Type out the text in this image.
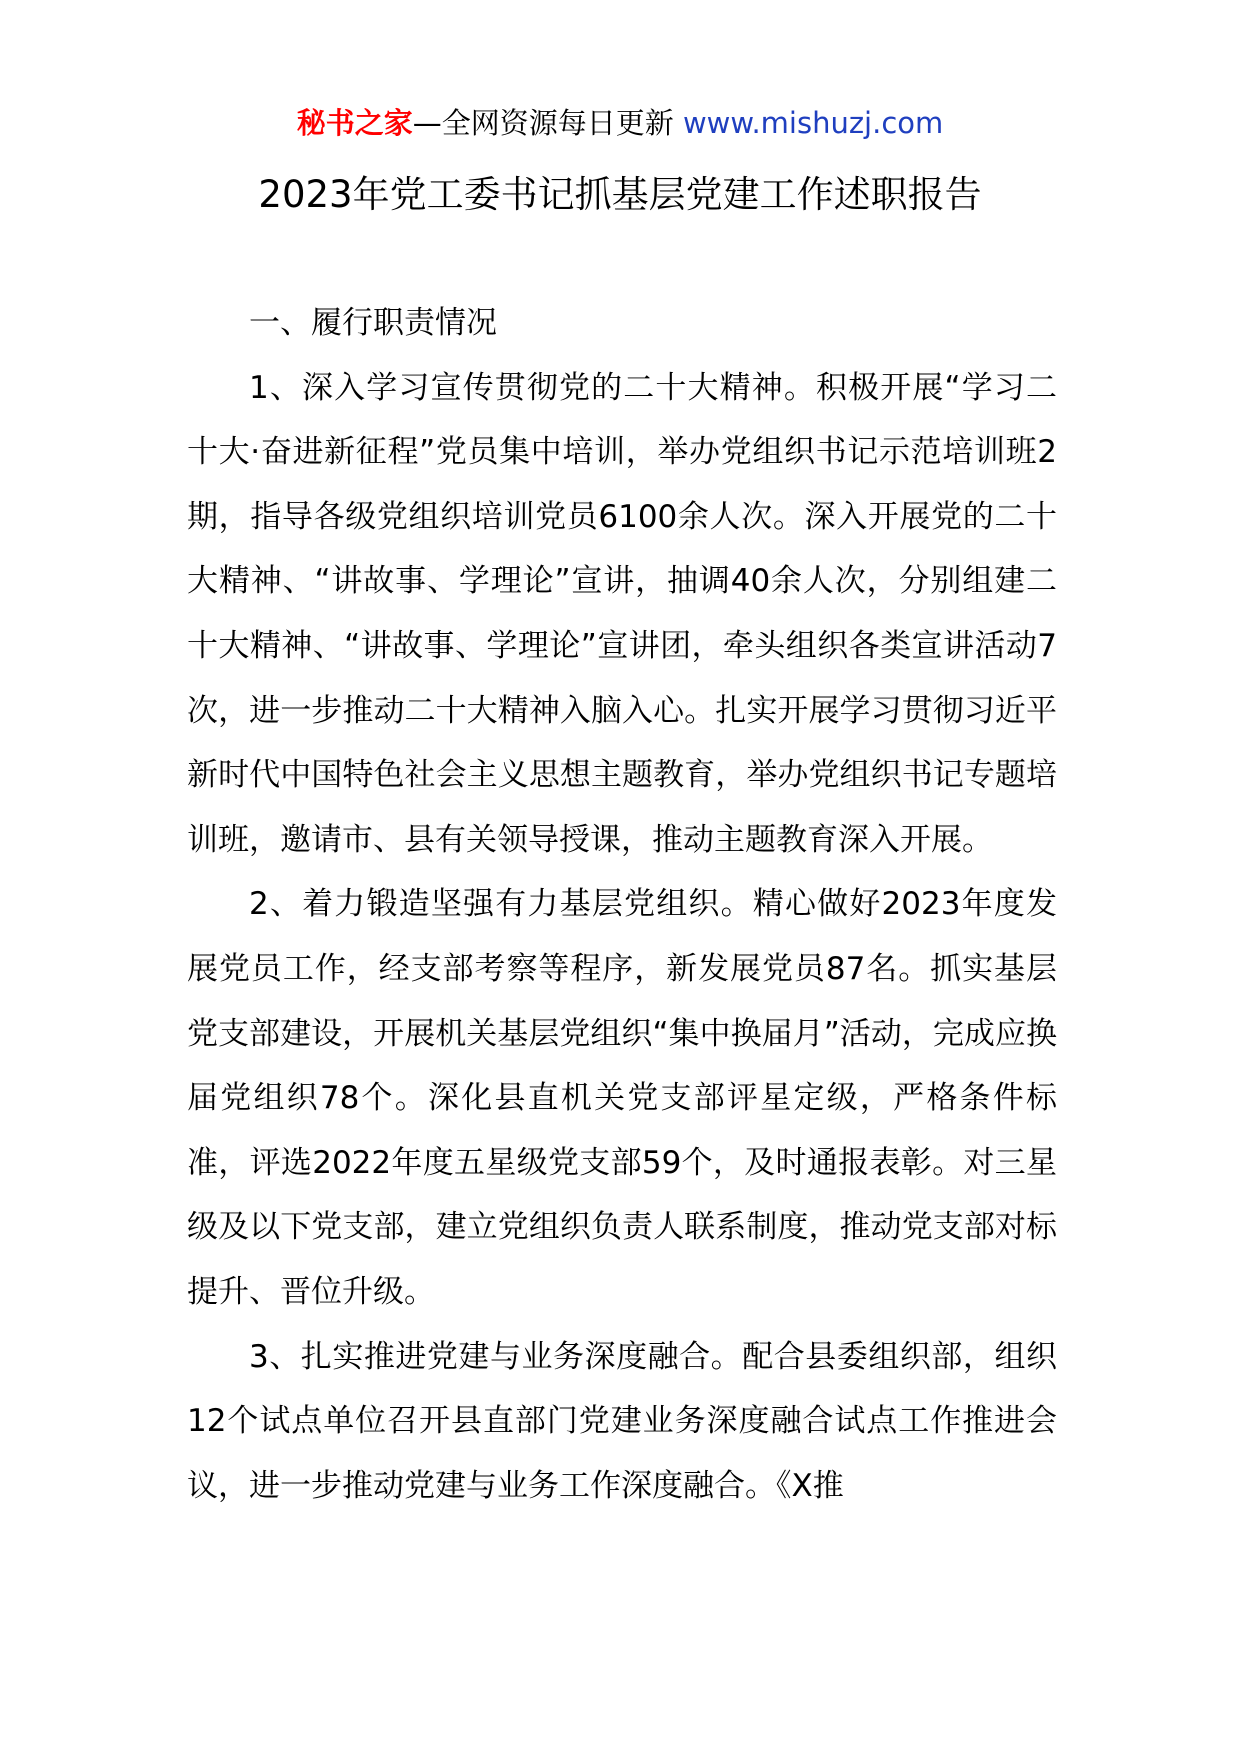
秘书之家—全网资源每日更新 www.mishuzj.com
2023年党工委书记抓基层党建工作述职报告

一、履行职责情况

1、深入学习宣传贯彻党的二十大精神。积极开展“学习二十大·奋进新征程”党员集中培训，举办党组织书记示范培训班2期，指导各级党组织培训党员6100余人次。深入开展党的二十大精神、“讲故事、学理论”宣讲，抽调40余人次，分别组建二十大精神、“讲故事、学理论”宣讲团，牵头组织各类宣讲活动7次，进一步推动二十大精神入脑入心。扎实开展学习贯彻习近平新时代中国特色社会主义思想主题教育，举办党组织书记专题培训班，邀请市、县有关领导授课，推动主题教育深入开展。

2、着力锻造坚强有力基层党组织。精心做好2023年度发展党员工作，经支部考察等程序，新发展党员87名。抓实基层党支部建设，开展机关基层党组织“集中换届月”活动，完成应换届党组织78个。深化县直机关党支部评星定级，严格条件标准，评选2022年度五星级党支部59个，及时通报表彰。对三星级及以下党支部，建立党组织负责人联系制度，推动党支部对标提升、晋位升级。

3、扎实推进党建与业务深度融合。配合县委组织部，组织12个试点单位召开县直部门党建业务深度融合试点工作推进会议，进一步推动党建与业务工作深度融合。《X推
